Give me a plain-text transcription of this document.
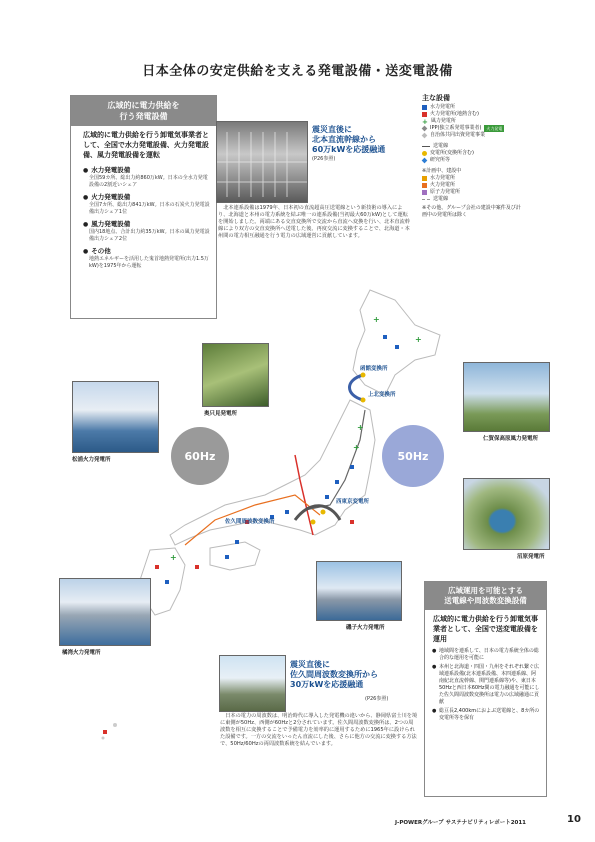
日本全体の安定供給を支える発電設備・送変電設備
広域的に電力供給を
行う発電設備
広域的に電力供給を行う卸電気事業者として、全国で水力発電設備、火力発電設備、風力発電設備を運転
● 水力発電設備
全国59カ所、総出力約860万kW。日本の全水力発電設備の2割近いシェア
● 火力発電設備
全国7カ所、総出力841万kW。日本の石炭火力発電設備出力シェア1位
● 風力発電設備
国内18地点、合計出力約35万kW。日本の風力発電設備出力シェア2位
● その他
地熱エネルギーを活用した鬼首地熱発電所(出力1.5万kW)を1975年から運転
主な設備
水力発電所
火力発電所(地熱含む)
+ 風力発電所
IPP(独立系発電事業者)	火力発電
自治体共同出資発電事業
送電線
変電所(変換所含む)
研究所等
※計画中、建設中
水力発電所
火力発電所
原子力発電所
送電線
※その他、グループ会社の建設中案件及び計画中の発電所は除く
震災直後に
北本直流幹線から
60万kWを応援融通
(P26参照)
北本連系設備は1979年、日本初の直流超高圧送電線という新技術の導入により、北海道と本州の電力系統を結ぶ唯一の連系設備(当初最大60万kW)として運転を開始しました。両端にある交直変換所で交流から直流へ変換を行い、北本直流幹線により双方の交直変換所へ送電した後、再度交流に変換することで、北海道・本州間の電力相互融通を行う電力の広域運営に貢献しています。
+
+
+
+
+
函館変換所
上北変換所
西東京変電所
佐久間周波数変換所
60Hz	50Hz
奥只見発電所
松浦火力発電所
仁賀保高原風力発電所
沼原発電所
磯子火力発電所
橘湾火力発電所
震災直後に
佐久間周波数変換所から
30万kWを応援融通
(P26参照)
日本の電力の周波数は、明治時代に導入した発電機の違いから、静岡県富士川を境に東側が50Hz、西側が60Hzと2分されています。佐久間周波数変換所は、2つの周波数を相互に変換することで予備電力を効率的に運用するために1965年に設けられた設備です。一方の交流をいったん直流にした後、さらに他方の交流に変換する方法で、50Hz/60Hzの両周波数系統を結んでいます。
広域運用を可能とする
送電線や周波数変換設備
広域的に電力供給を行う卸電気事業者として、全国で送変電設備を運用
● 地域間を連系して、日本の電力系統全体の総合的な運用を可能に
● 本州と北海道・四国・九州をそれぞれ繋ぐ広域連系設備(北本連系設備、本四連系線、阿南紀北直流幹線、関門連系線等)や、東日本50Hzと西日本60Hz間の電力融通を可能にした佐久間周波数変換所は電力の広域融通に貢献
● 総亘長2,400kmにおよぶ送電線と、8カ所の変電所等を保有
J-POWERグループ サステナビリティレポート2011	10
